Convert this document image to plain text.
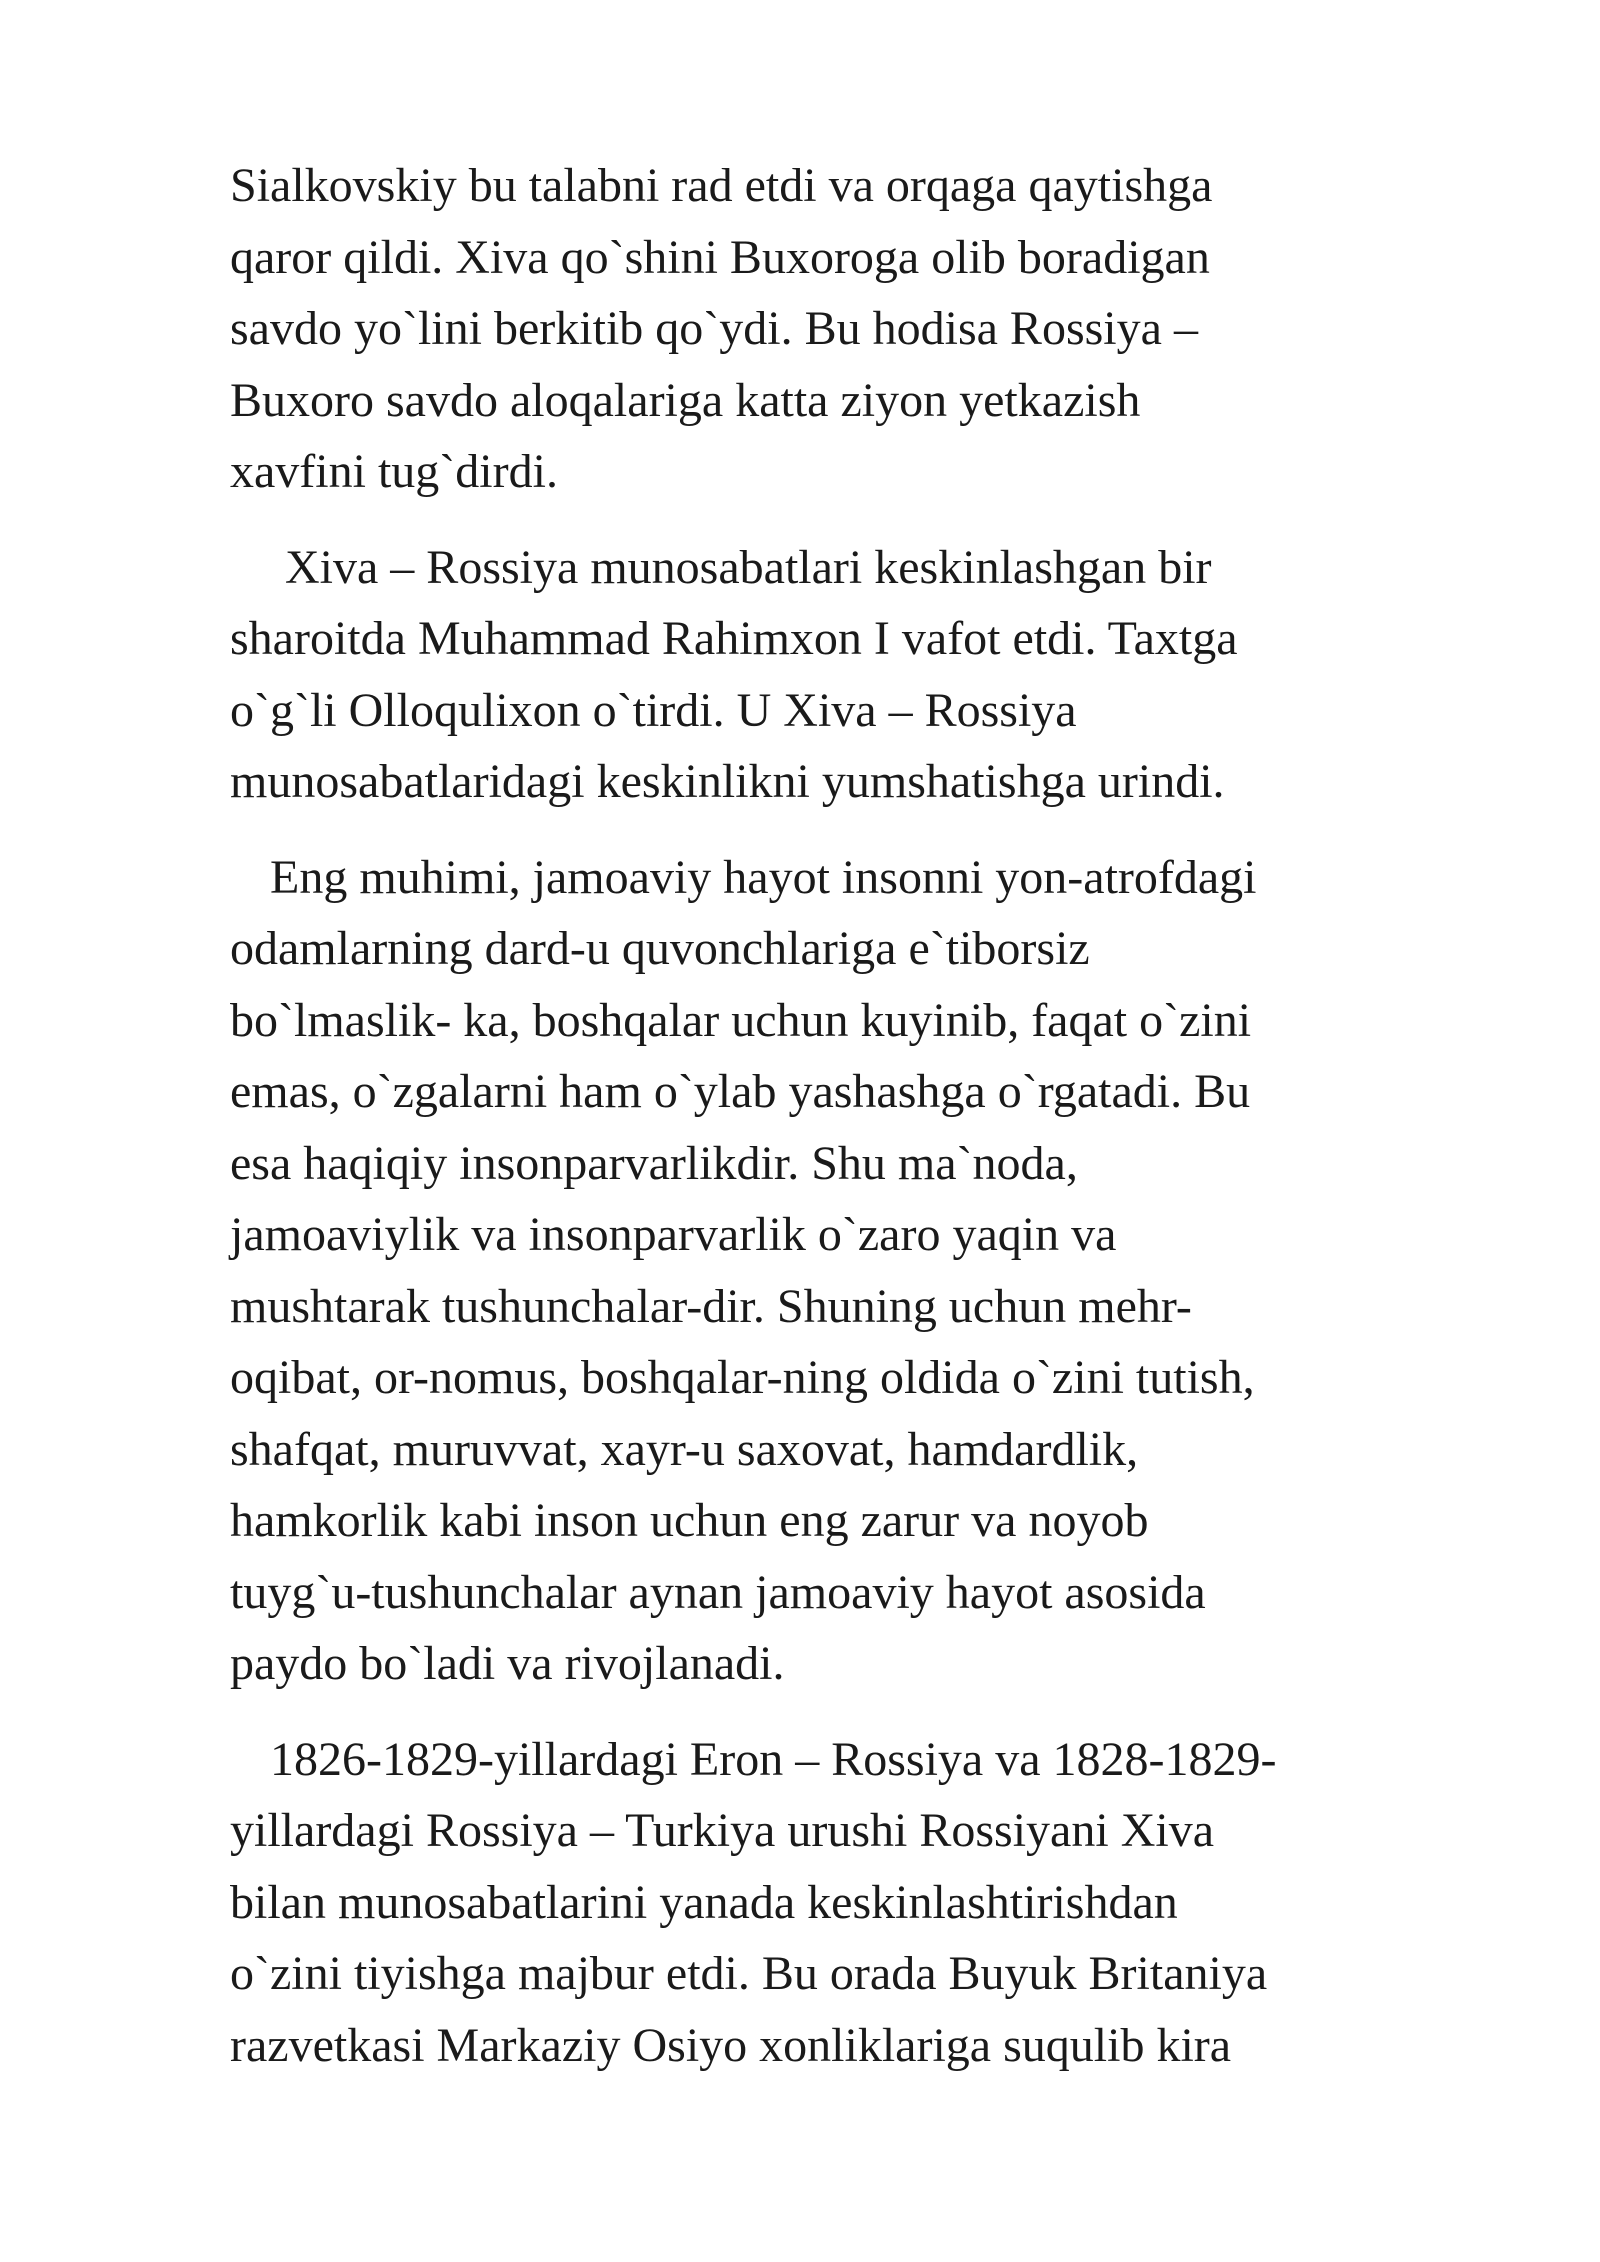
Sialkovskiy bu talabni rad etdi va orqaga qaytishga
qaror qildi. Xiva qo`shini Buxoroga olib boradigan
savdo yo`lini berkitib qo`ydi. Bu hodisa Rossiya –
Buxoro savdo aloqalariga katta ziyon yetkazish
xavfini tug`dirdi.

Xiva – Rossiya munosabatlari keskinlashgan bir
sharoitda Muhammad Rahimxon I vafot etdi. Taxtga
o`g`li Olloqulixon o`tirdi. U Xiva – Rossiya
munosabatlaridagi keskinlikni yumshatishga urindi.

Eng muhimi, jamoaviy hayot insonni yon-atrofdagi
odamlarning dard-u quvonchlariga e`tiborsiz
bo`lmaslik- ka, boshqalar uchun kuyinib, faqat o`zini
emas, o`zgalarni ham o`ylab yashashga o`rgatadi. Bu
esa haqiqiy insonparvarlikdir. Shu ma`noda,
jamoaviylik va insonparvarlik o`zaro yaqin va
mushtarak tushunchalar-dir. Shuning uchun mehr-
oqibat, or-nomus, boshqalar-ning oldida o`zini tutish,
shafqat, muruvvat, xayr-u saxovat, hamdardlik,
hamkorlik kabi inson uchun eng zarur va noyob
tuyg`u-tushunchalar aynan jamoaviy hayot asosida
paydo bo`ladi va rivojlanadi.

1826-1829-yillardagi Eron – Rossiya va 1828-1829-
yillardagi Rossiya – Turkiya urushi Rossiyani Xiva
bilan munosabatlarini yanada keskinlashtirishdan
o`zini tiyishga majbur etdi. Bu orada Buyuk Britaniya
razvetkasi Markaziy Osiyo xonliklariga suqulib kira
